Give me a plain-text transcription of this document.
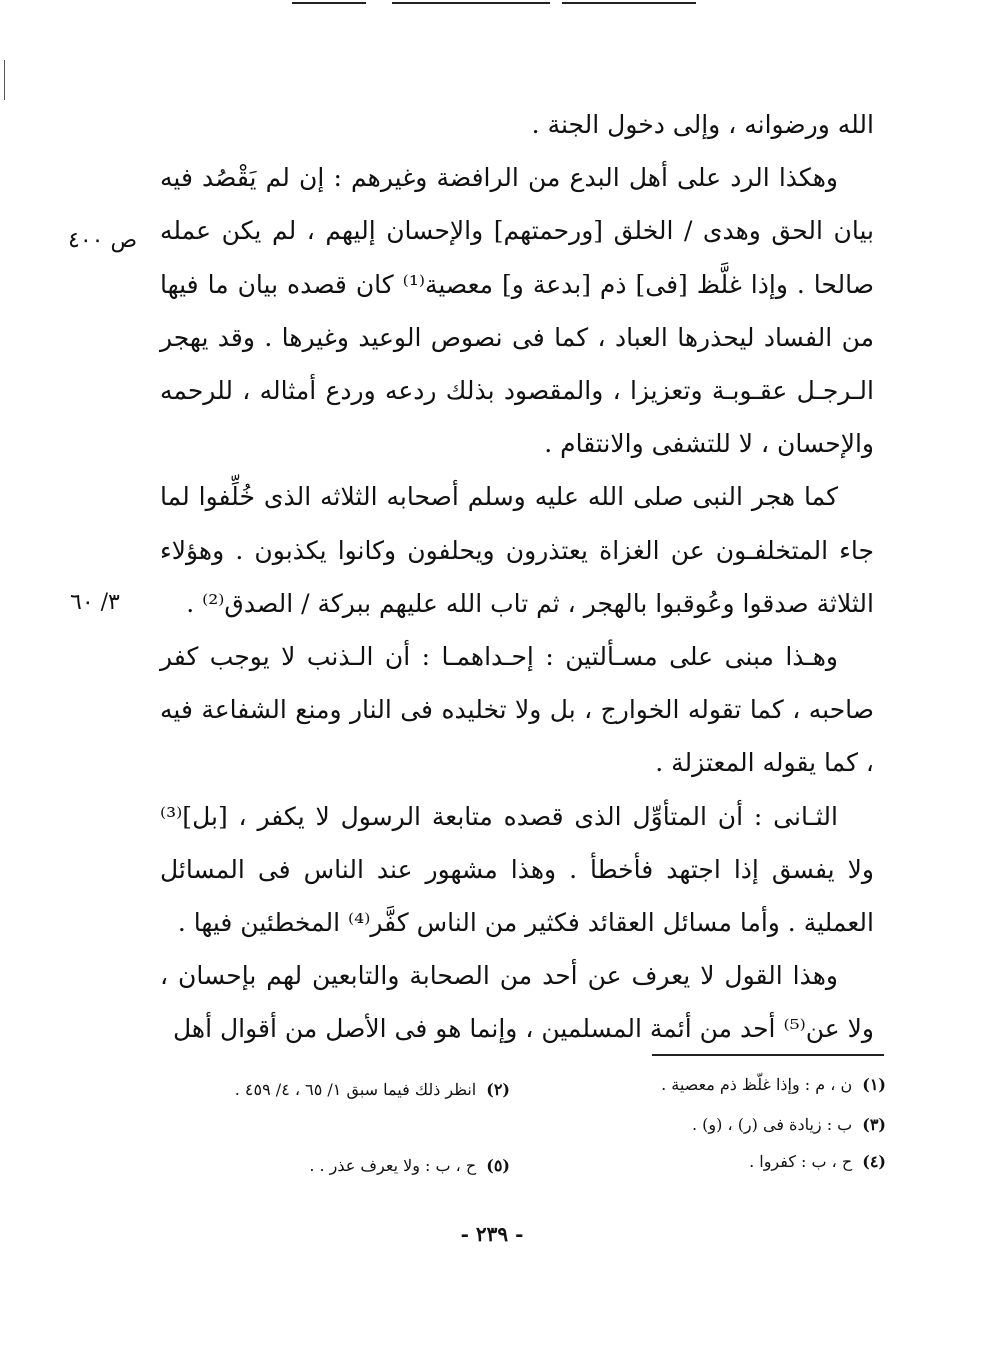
الله ورضوانه ، وإلى دخول الجنة .

وهكذا الرد على أهل البدع من الرافضة وغيرهم : إن لم يَقْصُد فيه بيان الحق وهدى / الخلق [ورحمتهم] والإحسان إليهم ، لم يكن عمله صالحا . وإذا غلَّظ [فى] ذم [بدعة و] معصية⁽¹⁾ كان قصده بيان ما فيها من الفساد ليحذرها العباد ، كما فى نصوص الوعيد وغيرها . وقد يهجر الـرجـل عقـوبـة وتعزيزا ، والمقصود بذلك ردعه وردع أمثاله ، للرحمه والإحسان ، لا للتشفى والانتقام .

كما هجر النبى صلى الله عليه وسلم أصحابه الثلاثه الذى خُلِّفوا لما جاء المتخلفـون عن الغزاة يعتذرون ويحلفون وكانوا يكذبون . وهؤلاء الثلاثة صدقوا وعُوقبوا بالهجر ، ثم تاب الله عليهم ببركة / الصدق⁽²⁾ .

وهـذا مبنى على مسـألتين : إحـداهمـا : أن الـذنب لا يوجب كفر صاحبه ، كما تقوله الخوارج ، بل ولا تخليده فى النار ومنع الشفاعة فيه ، كما يقوله المعتزلة .

الثـانى : أن المتأوِّل الذى قصده متابعة الرسول لا يكفر ، [بل]⁽³⁾ ولا يفسق إذا اجتهد فأخطأ . وهذا مشهور عند الناس فى المسائل العملية . وأما مسائل العقائد فكثير من الناس كفَّر⁽⁴⁾ المخطئين فيها .

وهذا القول لا يعرف عن أحد من الصحابة والتابعين لهم بإحسان ، ولا عن⁽⁵⁾ أحد من أئمة المسلمين ، وإنما هو فى الأصل من أقوال أهل

ص ٤٠٠
٣/ ٦٠
(١)ن ، م : وإذا غلّظ ذم معصية .
(٢)انظر ذلك فيما سبق ١/ ٦٥ ، ٤/ ٤٥٩ .
(٣)ب : زيادة فى (ر) ، (و) .
(٤)ح ، ب : كفروا .
(٥)ح ، ب : ولا يعرف عذر . .
- ٢٣٩ -
